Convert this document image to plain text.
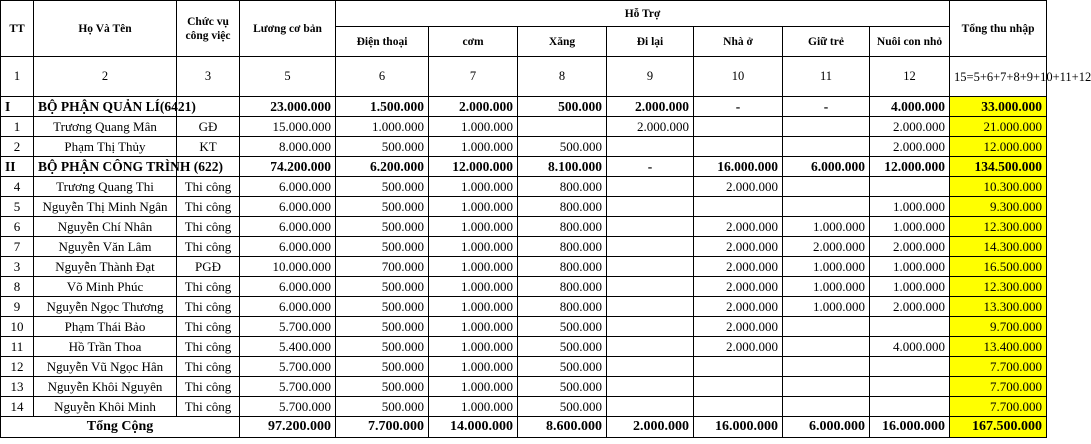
TT	Họ Và Tên	Chức vụ công việc	Lương cơ bản	Hỗ Trợ							Tổng thu nhập
				Điện thoại	cơm	Xăng	Đi lại	Nhà ở	Giữ trẻ	Nuôi con nhỏ	
1	2	3	5	6	7	8	9	10	11	12	15=5+6+7+8+9+10+11+12
I	BỘ PHẬN QUẢN LÍ(6421)		23.000.000	1.500.000	2.000.000	500.000	2.000.000	-	-	4.000.000	33.000.000
1	Trương Quang Mân	GĐ	15.000.000	1.000.000	1.000.000		2.000.000			2.000.000	21.000.000
2	Phạm Thị Thủy	KT	8.000.000	500.000	1.000.000	500.000				2.000.000	12.000.000
II	BỘ PHẬN CÔNG TRÌNH (622)		74.200.000	6.200.000	12.000.000	8.100.000	-	16.000.000	6.000.000	12.000.000	134.500.000
4	Trương Quang Thi	Thi công	6.000.000	500.000	1.000.000	800.000		2.000.000			10.300.000
5	Nguyễn Thị Minh Ngân	Thi công	6.000.000	500.000	1.000.000	800.000				1.000.000	9.300.000
6	Nguyễn Chí Nhân	Thi công	6.000.000	500.000	1.000.000	800.000		2.000.000	1.000.000	1.000.000	12.300.000
7	Nguyễn Văn Lâm	Thi công	6.000.000	500.000	1.000.000	800.000		2.000.000	2.000.000	2.000.000	14.300.000
3	Nguyễn Thành Đạt	PGĐ	10.000.000	700.000	1.000.000	800.000		2.000.000	1.000.000	1.000.000	16.500.000
8	Võ Minh Phúc	Thi công	6.000.000	500.000	1.000.000	800.000		2.000.000	1.000.000	1.000.000	12.300.000
9	Nguyễn Ngọc Thương	Thi công	6.000.000	500.000	1.000.000	800.000		2.000.000	1.000.000	2.000.000	13.300.000
10	Phạm Thái Bảo	Thi công	5.700.000	500.000	1.000.000	500.000		2.000.000			9.700.000
11	Hồ Trần Thoa	Thi công	5.400.000	500.000	1.000.000	500.000		2.000.000		4.000.000	13.400.000
12	Nguyễn Vũ Ngọc Hân	Thi công	5.700.000	500.000	1.000.000	500.000					7.700.000
13	Nguyễn Khôi Nguyên	Thi công	5.700.000	500.000	1.000.000	500.000					7.700.000
14	Nguyễn Khôi Minh	Thi công	5.700.000	500.000	1.000.000	500.000					7.700.000
Tổng Cộng			97.200.000	7.700.000	14.000.000	8.600.000	2.000.000	16.000.000	6.000.000	16.000.000	167.500.000
